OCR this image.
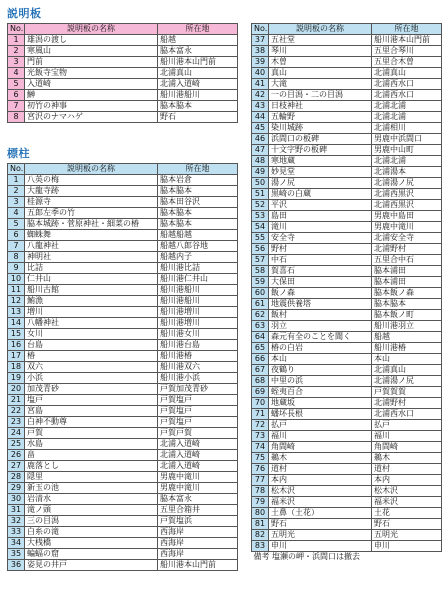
説明板
No.	説明板の名称	所在地
1	雄潟の渡し	船越
2	寒風山	脇本富永
3	門前	船川港本山門前
4	光飯寺宝物	北浦真山
5	入道崎	北浦入道崎
6	鰰	船川港船川
7	初竹の神事	脇本脇本
8	宮沢のナマハゲ	野石
標柱
No.	説明板の名称	所在地
1	八英の梅	脇本岩倉
2	大龍寺跡	脇本脇本
3	桂源寺	脇本田谷沢
4	五郎左季の竹	脇本脇本
5	脇本城跡・菅原神社・細菜の椿	脇本脇本
6	蜘蛛舞	船越船越
7	八龍神社	船越八郎谷地
8	神明社	船越内子
9	比詰	船川港比詰
10	仁井山	船川港仁井山
11	船川古館	船川港船川
12	鮪漁	船川港船川
13	増川	船川港増川
14	八幡神社	船川港増川
15	女川	船川港女川
16	台島	船川港台島
17	椿	船川港椿
18	双六	船川港双六
19	小浜	船川港小浜
20	加茂青砂	戸賀加茂青砂
21	塩戸	戸賀塩戸
22	宮島	戸賀塩戸
23	白神不動尊	戸賀塩戸
24	戸賀	戸賀戸賀
25	水島	北浦入道崎
26	畠	北浦入道崎
27	鹿落とし	北浦入道崎
28	隠里	男鹿中滝川
29	新玉の池	男鹿中滝川
30	岩清水	脇本富永
31	滝ノ頭	五里合箱井
32	三の目潟	戸賀塩浜
33	白糸の滝	西海岸
34	大桟橋	西海岸
35	蝙蝠の窟	西海岸
36	姿見の井戸	船川港本山門前
No.	説明板の名称	所在地
37	五社堂	船川港本山門前
38	琴川	五里合琴川
39	木曽	五里合木曽
40	真山	北浦真山
41	大滝	北浦西水口
42	一の目潟・二の目潟	北浦西水口
43	日枝神社	北浦北浦
44	五輪野	北浦北浦
45	染川城跡	北浦相川
46	浜間口の板碑	男鹿中浜間口
47	十文字野の板碑	男鹿中山町
48	寒地蔵	北浦北浦
49	妙見堂	北浦湯本
50	湯ノ尻	北浦湯ノ尻
51	黒崎の白蔵	北浦西黒沢
52	平沢	北浦西黒沢
53	島田	男鹿中島田
54	滝川	男鹿中滝川
55	安全寺	北浦安全寺
56	野村	北浦野村
57	中石	五里合中石
58	賀喜石	脇本浦田
59	大保田	脇本浦田
60	飯ノ森	脇本飯ノ森
61	地震供養塔	脇本脇本
62	飯村	脇本飯ノ町
63	羽立	船川港羽立
64	森元有全のことを聞く	船越
65	椿の白岩	船川港椿
66	本山	本山
67	夜鶴り	北浦真山
68	中里の浜	北浦湯ノ尻
69	蛭夷百合	戸賀賀賀
70	地蔵坂	北浦野村
71	蟠坏長根	北浦西水口
72	払戸	払戸
73	福川	福川
74	角間崎	角間崎
75	鵜木	鵜木
76	道村	道村
77	本内	本内
78	松木沢	松木沢
79	福米沢	福米沢
80	土鼻（土花）	土花
81	野石	野石
82	五明光	五明光
83	申川	申川
備考 塩瀬の岬・浜間口は撤去		
